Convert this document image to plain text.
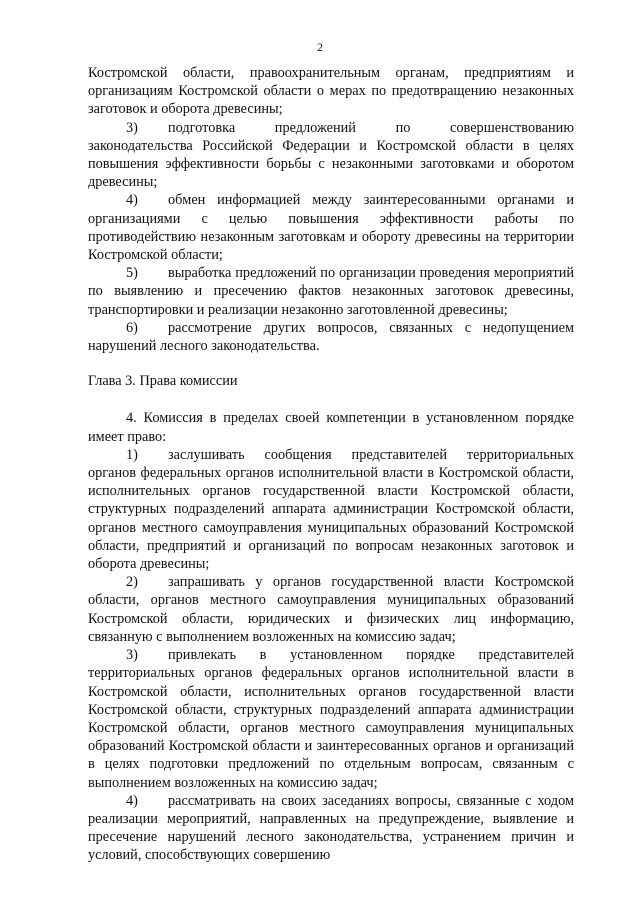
2

Костромской области, правоохранительным органам, предприятиям и организациям Костромской области о мерах по предотвращению незаконных заготовок и оборота древесины;

3) подготовка предложений по совершенствованию законодательства Российской Федерации и Костромской области в целях повышения эффективности борьбы с незаконными заготовками и оборотом древесины;

4) обмен информацией между заинтересованными органами и организациями с целью повышения эффективности работы по противодействию незаконным заготовкам и обороту древесины на территории Костромской области;

5) выработка предложений по организации проведения мероприятий по выявлению и пресечению фактов незаконных заготовок древесины, транспортировки и реализации незаконно заготовленной древесины;

6) рассмотрение других вопросов, связанных с недопущением нарушений лесного законодательства.

Глава 3. Права комиссии

4. Комиссия в пределах своей компетенции в установленном порядке имеет право:

1) заслушивать сообщения представителей территориальных органов федеральных органов исполнительной власти в Костромской области, исполнительных органов государственной власти Костромской области, структурных подразделений аппарата администрации Костромской области, органов местного самоуправления муниципальных образований Костромской области, предприятий и организаций по вопросам незаконных заготовок и оборота древесины;

2) запрашивать у органов государственной власти Костромской области, органов местного самоуправления муниципальных образований Костромской области, юридических и физических лиц информацию, связанную с выполнением возложенных на комиссию задач;

3) привлекать в установленном порядке представителей территориальных органов федеральных органов исполнительной власти в Костромской области, исполнительных органов государственной власти Костромской области, структурных подразделений аппарата администрации Костромской области, органов местного самоуправления муниципальных образований Костромской области и заинтересованных органов и организаций в целях подготовки предложений по отдельным вопросам, связанным с выполнением возложенных на комиссию задач;

4) рассматривать на своих заседаниях вопросы, связанные с ходом реализации мероприятий, направленных на предупреждение, выявление и пресечение нарушений лесного законодательства, устранением причин и условий, способствующих совершению
